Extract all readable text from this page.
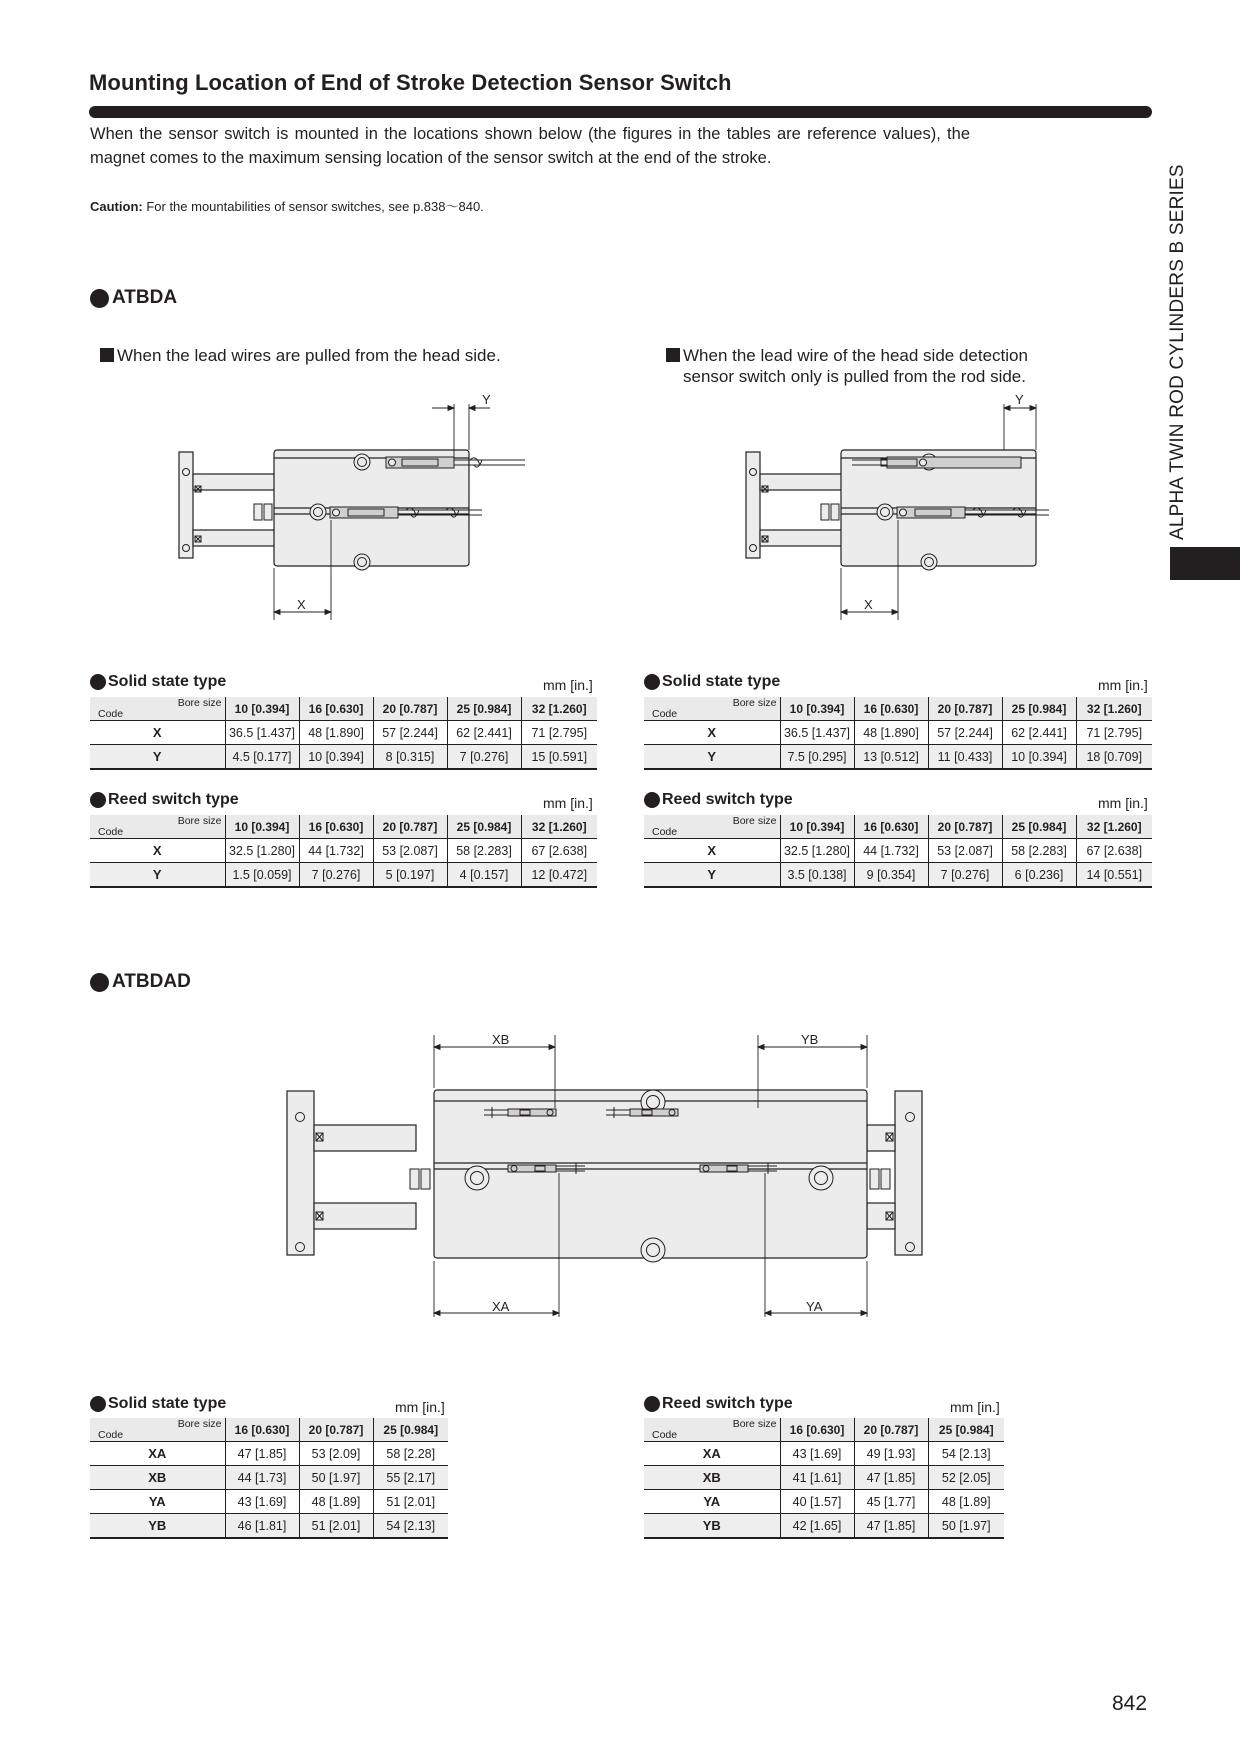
Mounting Location of End of Stroke Detection Sensor Switch
When the sensor switch is mounted in the locations shown below (the figures in the tables are reference values), the magnet comes to the maximum sensing location of the sensor switch at the end of the stroke.
Caution: For the mountabilities of sensor switches, see p.838～840.	ALPHA TWIN ROD CYLINDERS B SERIES
ATBDA
When the lead wires are pulled from the head side.	When the lead wire of the head side detection
sensor switch only is pulled from the rod side.
X
Y
X
Y
Solid state type	mm [in.]	Solid state type	mm [in.]
Reed switch type	mm [in.]	Reed switch type	mm [in.]
Bore size
Code	10 [0.394]	16 [0.630]	20 [0.787]	25 [0.984]	32 [1.260]
X	36.5 [1.437]	48 [1.890]	57 [2.244]	62 [2.441]	71 [2.795]
Y	4.5 [0.177]	10 [0.394]	8 [0.315]	7 [0.276]	15 [0.591]
Bore size
Code	10 [0.394]	16 [0.630]	20 [0.787]	25 [0.984]	32 [1.260]
X	36.5 [1.437]	48 [1.890]	57 [2.244]	62 [2.441]	71 [2.795]
Y	7.5 [0.295]	13 [0.512]	11 [0.433]	10 [0.394]	18 [0.709]
Bore size
Code	10 [0.394]	16 [0.630]	20 [0.787]	25 [0.984]	32 [1.260]
X	32.5 [1.280]	44 [1.732]	53 [2.087]	58 [2.283]	67 [2.638]
Y	1.5 [0.059]	7 [0.276]	5 [0.197]	4 [0.157]	12 [0.472]
Bore size
Code	10 [0.394]	16 [0.630]	20 [0.787]	25 [0.984]	32 [1.260]
X	32.5 [1.280]	44 [1.732]	53 [2.087]	58 [2.283]	67 [2.638]
Y	3.5 [0.138]	9 [0.354]	7 [0.276]	6 [0.236]	14 [0.551]
ATBDAD
XB	YB
XA	YA
Solid state type	mm [in.]	Reed switch type	mm [in.]
Bore size
Code	16 [0.630]	20 [0.787]	25 [0.984]
XA	47 [1.85]	53 [2.09]	58 [2.28]
XB	44 [1.73]	50 [1.97]	55 [2.17]
YA	43 [1.69]	48 [1.89]	51 [2.01]
YB	46 [1.81]	51 [2.01]	54 [2.13]
Bore size
Code	16 [0.630]	20 [0.787]	25 [0.984]
XA	43 [1.69]	49 [1.93]	54 [2.13]
XB	41 [1.61]	47 [1.85]	52 [2.05]
YA	40 [1.57]	45 [1.77]	48 [1.89]
YB	42 [1.65]	47 [1.85]	50 [1.97]
842
